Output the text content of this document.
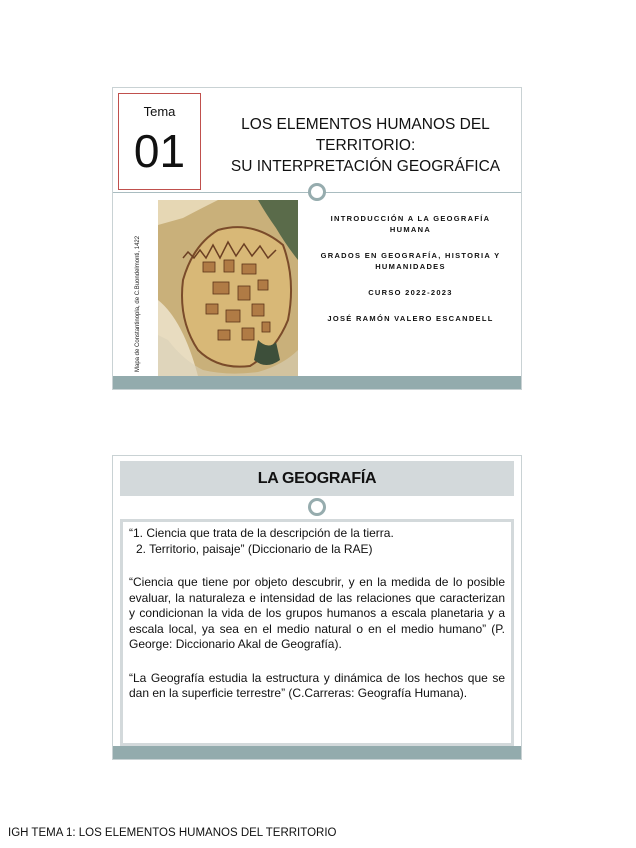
Tema
01
LOS ELEMENTOS HUMANOS DEL
TERRITORIO:
SU INTERPRETACIÓN GEOGRÁFICA
Mapa de Constantinopla, de C.Buondelmonti, 1422
INTRODUCCIÓN A LA GEOGRAFÍA HUMANA
GRADOS EN GEOGRAFÍA, HISTORIA Y HUMANIDADES
CURSO 2022-2023
JOSÉ RAMÓN VALERO ESCANDELL
LA GEOGRAFÍA

“1. Ciencia que trata de la descripción de la tierra.

2. Territorio, paisaje” (Diccionario de la RAE)

“Ciencia que tiene por objeto descubrir, y en la medida de lo posible evaluar, la naturaleza e intensidad de las relaciones que caracterizan y condicionan la vida de los grupos humanos a escala planetaria y a escala local, ya sea en el medio natural o en el medio humano” (P. George: Diccionario Akal de Geografía).

“La Geografía estudia la estructura y dinámica de los hechos que se dan en la superficie terrestre” (C.Carreras: Geografía Humana).

IGH TEMA 1: LOS ELEMENTOS HUMANOS DEL TERRITORIO
